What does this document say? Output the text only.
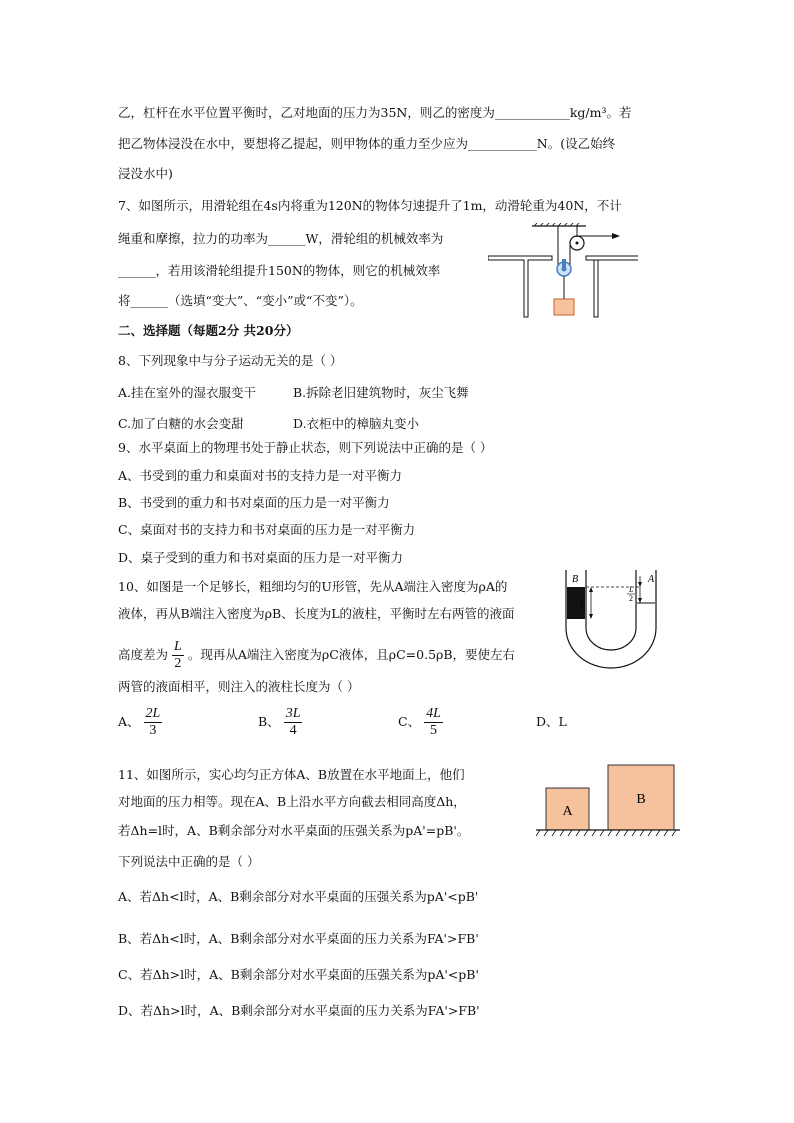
乙，杠杆在水平位置平衡时，乙对地面的压力为35N，则乙的密度为____________kg/m³。若
把乙物体浸没在水中，要想将乙提起，则甲物体的重力至少应为___________N。(设乙始终
浸没水中)
7、如图所示，用滑轮组在4s内将重为120N的物体匀速提升了1m，动滑轮重为40N，不计
绳重和摩擦，拉力的功率为______W，滑轮组的机械效率为
______，若用该滑轮组提升150N的物体，则它的机械效率
将______（选填“变大”、“变小”或“不变”）。
二、选择题（每题2分 共20分）
8、下列现象中与分子运动无关的是（ ）
A.挂在室外的湿衣服变干	B.拆除老旧建筑物时，灰尘飞舞
C.加了白糖的水会变甜	D.衣柜中的樟脑丸变小
9、水平桌面上的物理书处于静止状态，则下列说法中正确的是（ ）
A、书受到的重力和桌面对书的支持力是一对平衡力
B、书受到的重力和书对桌面的压力是一对平衡力
C、桌面对书的支持力和书对桌面的压力是一对平衡力
D、桌子受到的重力和书对桌面的压力是一对平衡力
10、如图是一个足够长，粗细均匀的U形管，先从A端注入密度为ρA的
液体，再从B端注入密度为ρB、长度为L的液柱，平衡时左右两管的液面
高度差为 $\frac{L}{2}$ 。现再从A端注入密度为ρC液体，且ρC=0.5ρB，要使左右
两管的液面相平，则注入的液柱长度为（ ）
A、 $\frac{2L}{3}$	B、 $\frac{3L}{4}$	C、 $\frac{4L}{5}$	D、L
B	A
L
L
2
11、如图所示，实心均匀正方体A、B放置在水平地面上，他们
对地面的压力相等。现在A、B上沿水平方向截去相同高度Δh，
若Δh=l时，A、B剩余部分对水平桌面的压强关系为pA'=pB'。
下列说法中正确的是（ ）
A、若Δh<l时，A、B剩余部分对水平桌面的压强关系为pA'<pB'
B、若Δh<l时，A、B剩余部分对水平桌面的压力关系为FA'>FB'
C、若Δh>l时，A、B剩余部分对水平桌面的压强关系为pA'<pB'
D、若Δh>l时，A、B剩余部分对水平桌面的压力关系为FA'>FB'
A
B
